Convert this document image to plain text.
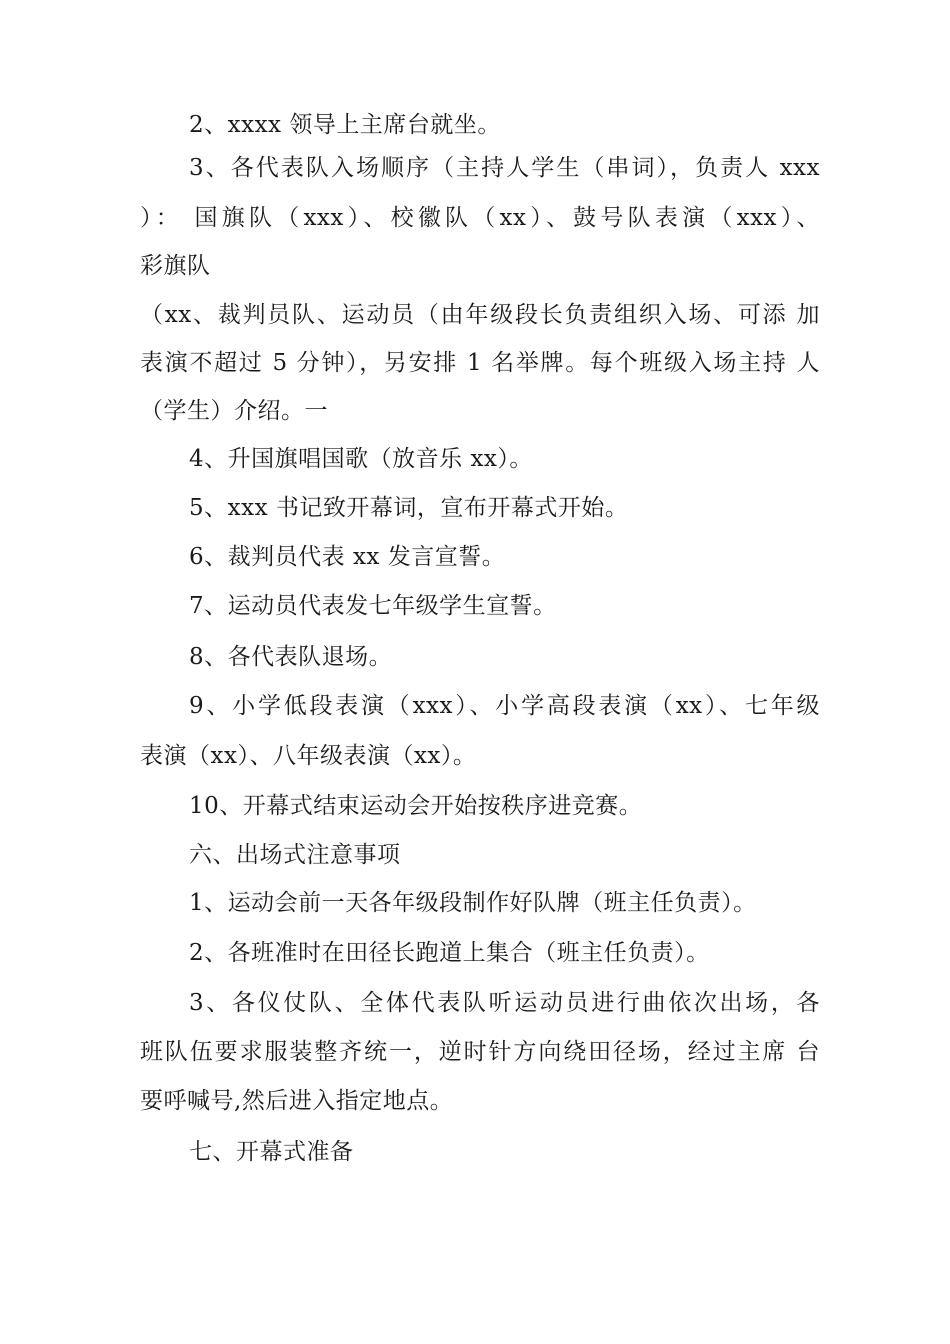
2、xxxx 领导上主席台就坐。
3、各代表队入场顺序（主持人学生（串词），负责人 xxx
）： 国旗队（xxx）、校徽队（xx）、鼓号队表演（xxx）、
彩旗队
（xx、裁判员队、运动员（由年级段长负责组织入场、可添 加
表演不超过 5 分钟），另安排 1 名举牌。每个班级入场主持 人
（学生）介绍。一
4、升国旗唱国歌（放音乐 xx）。
5、xxx 书记致开幕词，宣布开幕式开始。
6、裁判员代表 xx 发言宣誓。
7、运动员代表发七年级学生宣誓。
8、各代表队退场。
9、小学低段表演（xxx）、小学高段表演（xx）、七年级
表演（xx）、八年级表演（xx）。
10、开幕式结束运动会开始按秩序进竞赛。
六、出场式注意事项
1、运动会前一天各年级段制作好队牌（班主任负责）。
2、各班准时在田径长跑道上集合（班主任负责）。
3、各仪仗队、全体代表队听运动员进行曲依次出场，各
班队伍要求服装整齐统一，逆时针方向绕田径场，经过主席 台
要呼喊号,然后进入指定地点。
七、开幕式准备
